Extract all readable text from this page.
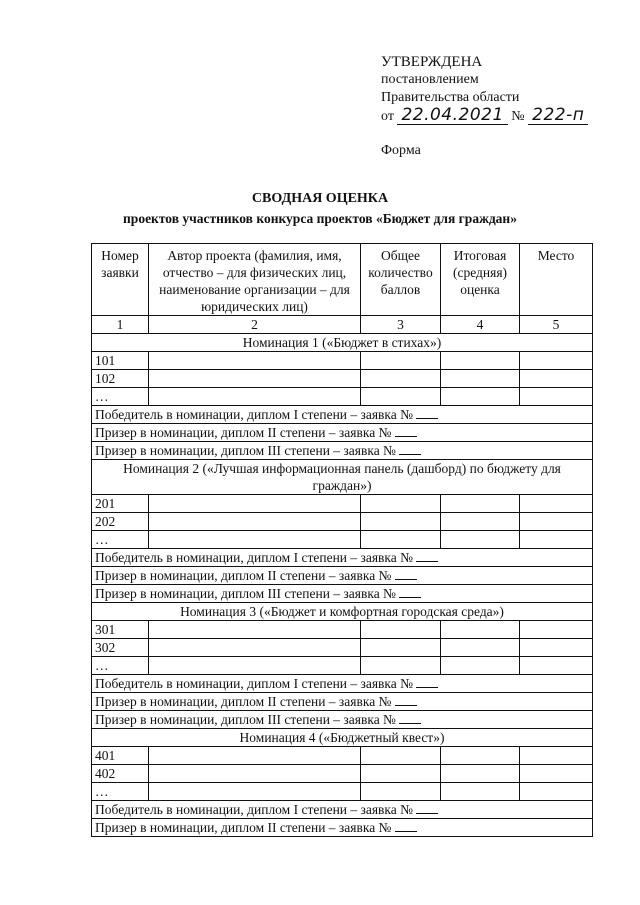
УТВЕРЖДЕНА
постановлением
Правительства области
от 22.04.2021 № 222-п
Форма
СВОДНАЯ ОЦЕНКА
проектов участников конкурса проектов «Бюджет для граждан»
Номер заявки	Автор проекта (фамилия, имя, отчество – для физических лиц, наименование организации – для юридических лиц)	Общее количество баллов	Итоговая (средняя) оценка	Место
1	2	3	4	5
Номинация 1 («Бюджет в стихах»)				
101				
102				
…				
Победитель в номинации, диплом I степени – заявка №				
Призер в номинации, диплом II степени – заявка №				
Призер в номинации, диплом III степени – заявка №				
Номинация 2 («Лучшая информационная панель (дашборд) по бюджету для граждан»)				
201				
202				
…				
Победитель в номинации, диплом I степени – заявка №				
Призер в номинации, диплом II степени – заявка №				
Призер в номинации, диплом III степени – заявка №				
Номинация 3 («Бюджет и комфортная городская среда»)				
301				
302				
…				
Победитель в номинации, диплом I степени – заявка №				
Призер в номинации, диплом II степени – заявка №				
Призер в номинации, диплом III степени – заявка №				
Номинация 4 («Бюджетный квест»)				
401				
402				
…				
Победитель в номинации, диплом I степени – заявка №				
Призер в номинации, диплом II степени – заявка №				
